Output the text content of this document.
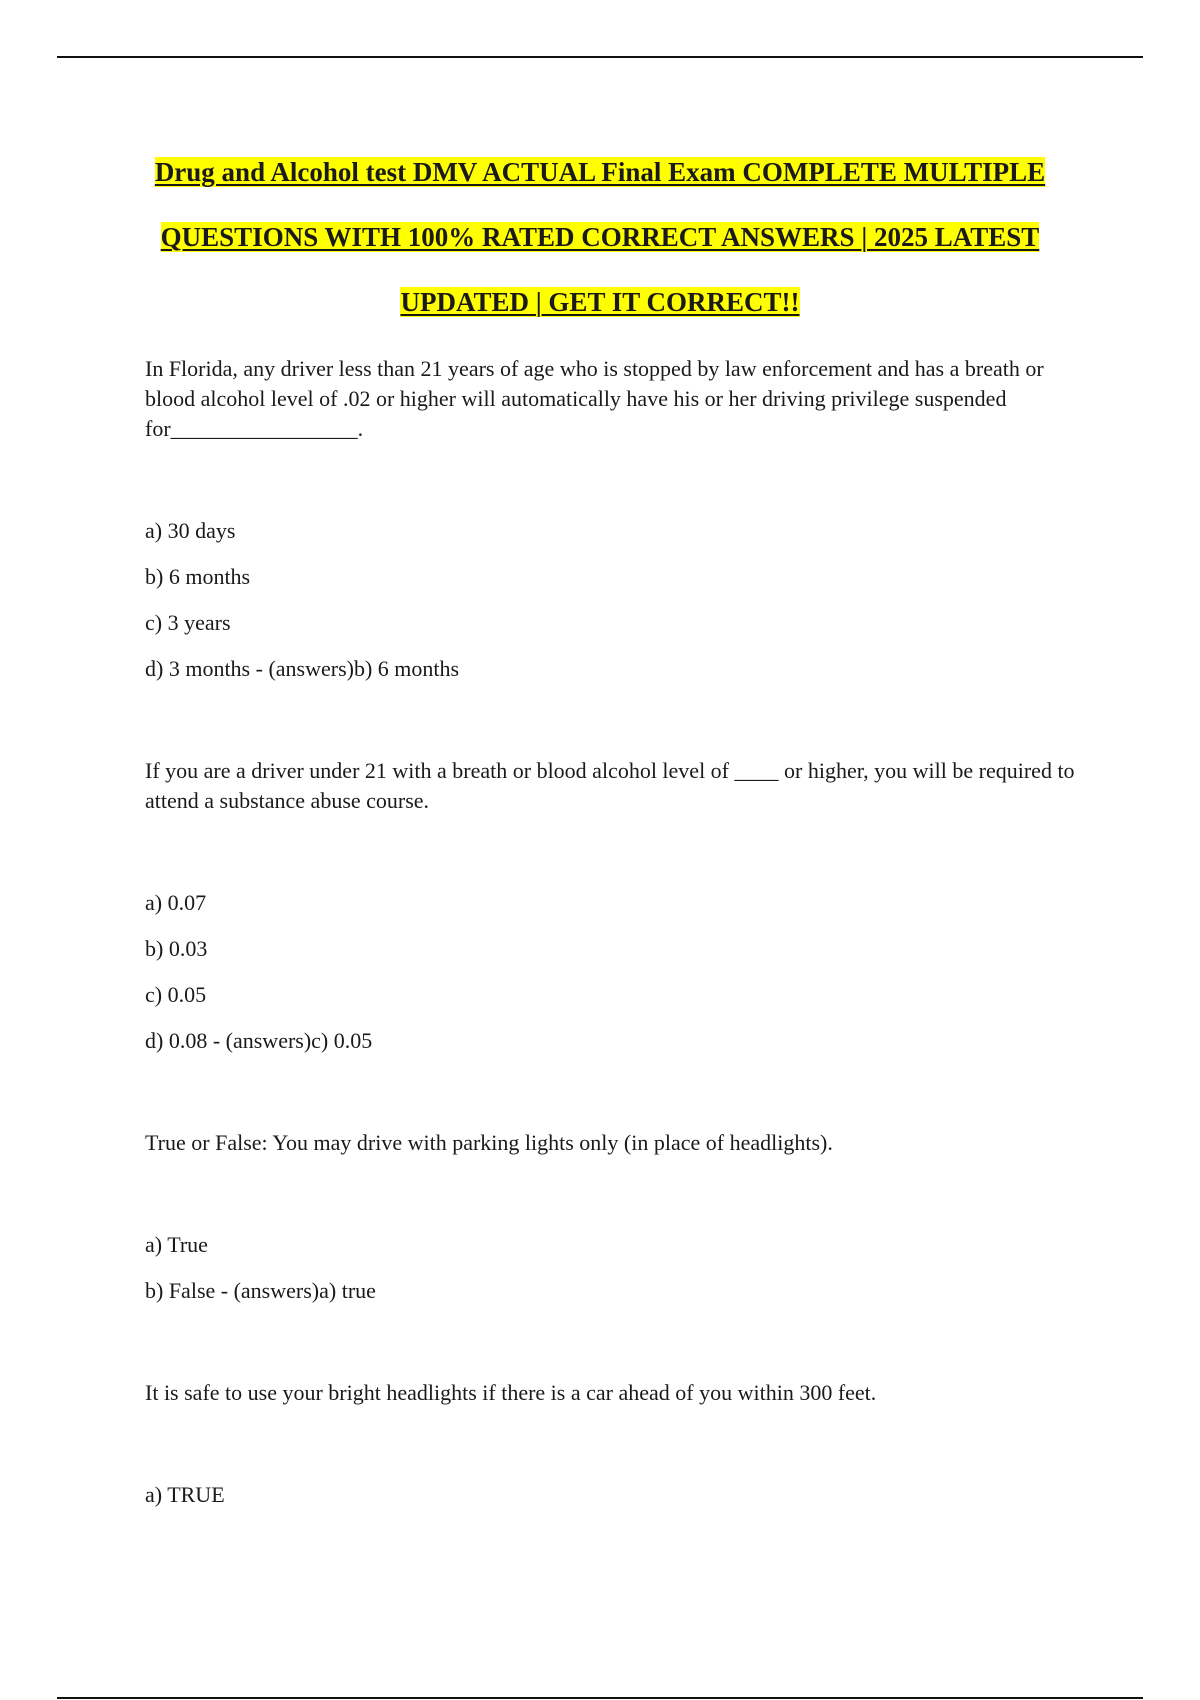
Drug and Alcohol test DMV ACTUAL Final Exam COMPLETE MULTIPLE
QUESTIONS WITH 100% RATED CORRECT ANSWERS | 2025 LATEST
UPDATED | GET IT CORRECT!!

In Florida, any driver less than 21 years of age who is stopped by law enforcement and has a breath or blood alcohol level of .02 or higher will automatically have his or her driving privilege suspended for_________________.

a) 30 days
b) 6 months
c) 3 years
d) 3 months - (answers)b) 6 months

If you are a driver under 21 with a breath or blood alcohol level of ____ or higher, you will be required to attend a substance abuse course.

a) 0.07
b) 0.03
c) 0.05
d) 0.08 - (answers)c) 0.05

True or False: You may drive with parking lights only (in place of headlights).

a) True
b) False - (answers)a) true

It is safe to use your bright headlights if there is a car ahead of you within 300 feet.

a) TRUE
